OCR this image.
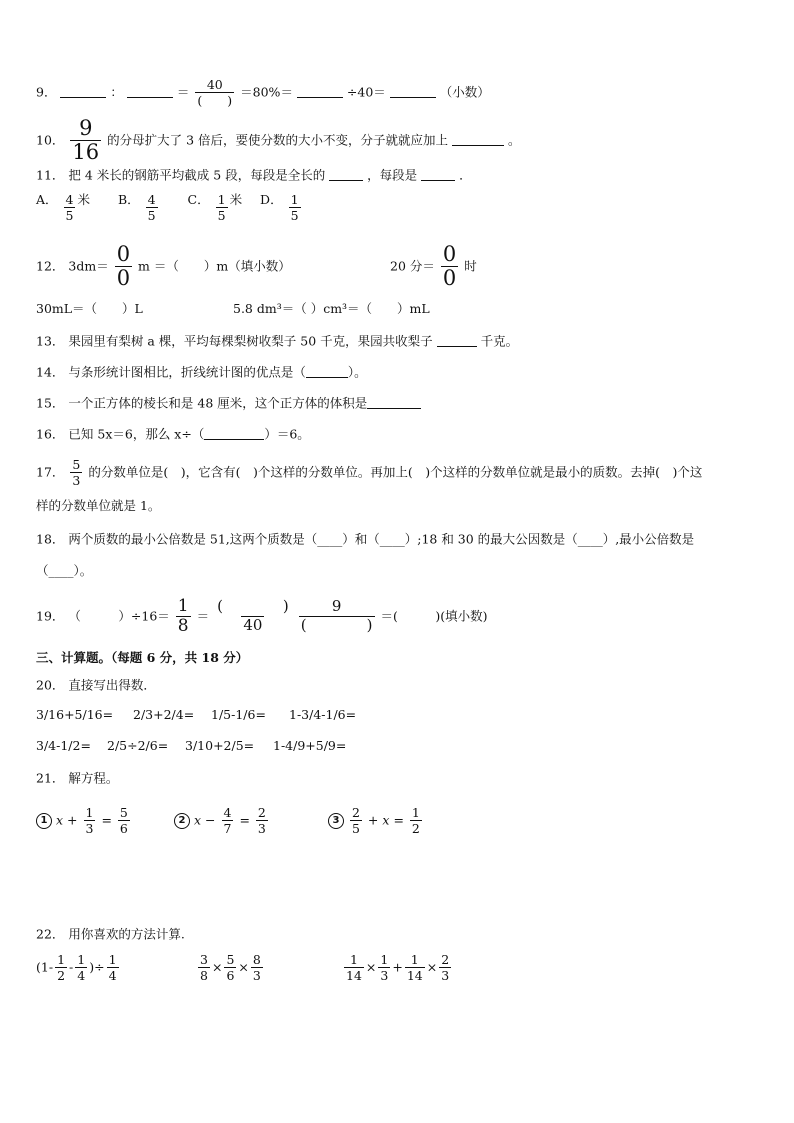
9．	：	＝ $\frac{40}{( )} =80\%=$	÷40＝	（小数）
10． $\frac{9}{16}$ 的分母扩大了 3 倍后，要使分数的大小不变，分子就就应加上	。
11． 把 4 米长的钢筋平均截成 5 段，每段是全长的	，每段是	．
A． $\frac{4}{5}$ 米 B． $\frac{4}{5}$ C． $\frac{1}{5}$ 米 D． $\frac{1}{5}$
12． $3dm= \frac{0}{0}$ m ＝（　　）m（填小数）	20 分＝ $\frac{0}{0}$ 时
30mL＝（　　）L	5.8 dm³＝（ ）cm³＝（　　）mL
13． 果园里有梨树 a 棵，平均每棵梨树收梨子 50 千克，果园共收梨子	千克。
14． 与条形统计图相比，折线统计图的优点是（	）。
15． 一个正方体的棱长和是 48 厘米，这个正方体的体积是
16． 已知 5x＝6，那么 x÷（	）＝6。
17． $\frac{5}{3}$ 的分数单位是(　)，它含有(　)个这样的分数单位。再加上(　)个这样的分数单位就是最小的质数。去掉(　)个这
样的分数单位就是 1。
18． 两个质数的最小公倍数是 51,这两个质数是（____）和（____）;18 和 30 的最大公因数是（____）,最小公倍数是
（____）。
19． （　　　）$\div 16= \frac{1}{8} = \frac{( )}{40}$
$\frac{9}{( )}$ ＝(　　　)(填小数)
三、计算题。（每题 6 分，共 18 分）
20． 直接写出得数．
3/16+5/16= 2/3+2/4= 1/5-1/6= 1-3/4-1/6=
3/4-1/2= 2/5÷2/6= 3/10+2/5= 1-4/9+5/9=
21． 解方程。
1 $x + \frac{1}{3} = \frac{5}{6}$	2 $x - \frac{4}{7} = \frac{2}{3}$	$3 \frac{2}{5} + x = \frac{1}{2}$
22． 用你喜欢的方法计算.
($1- \frac{1}{2} - \frac{1}{4}$ )÷ $\frac{1}{4}$	$\frac{3}{8} \times \frac{5}{6} \times \frac{8}{3}$	$\frac{1}{14} \times \frac{1}{3} + \frac{1}{14} \times \frac{2}{3}$
